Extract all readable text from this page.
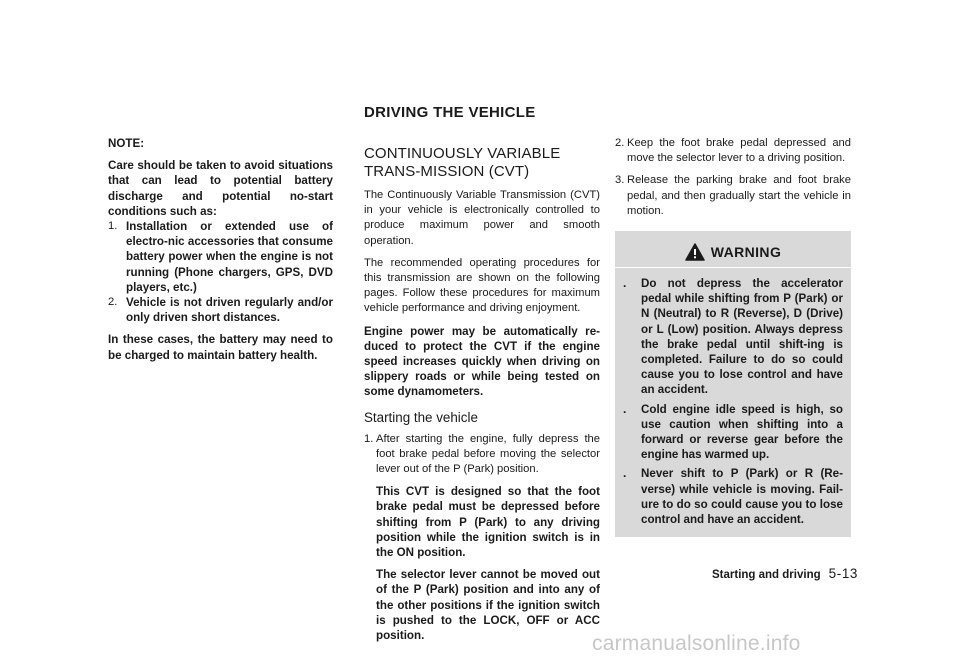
DRIVING THE VEHICLE

NOTE:

Care should be taken to avoid situations that can lead to potential battery discharge and potential no-start conditions such as:

1. Installation or extended use of electro-nic accessories that consume battery power when the engine is not running (Phone chargers, GPS, DVD players, etc.)
2. Vehicle is not driven regularly and/or only driven short distances.

In these cases, the battery may need to be charged to maintain battery health.

CONTINUOUSLY VARIABLE TRANS-MISSION (CVT)

The Continuously Variable Transmission (CVT) in your vehicle is electronically controlled to produce maximum power and smooth operation.

The recommended operating procedures for this transmission are shown on the following pages. Follow these procedures for maximum vehicle performance and driving enjoyment.

Engine power may be automatically re-duced to protect the CVT if the engine speed increases quickly when driving on slippery roads or while being tested on some dynamometers.

Starting the vehicle
1. After starting the engine, fully depress the foot brake pedal before moving the selector lever out of the P (Park) position.

This CVT is designed so that the foot brake pedal must be depressed before shifting from P (Park) to any driving position while the ignition switch is in the ON position.

The selector lever cannot be moved out of the P (Park) position and into any of the other positions if the ignition switch is pushed to the LOCK, OFF or ACC position.

2. Keep the foot brake pedal depressed and move the selector lever to a driving position.
3. Release the parking brake and foot brake pedal, and then gradually start the vehicle in motion.
WARNING
.	Do not depress the accelerator pedal while shifting from P (Park) or N (Neutral) to R (Reverse), D (Drive) or L (Low) position. Always depress the brake pedal until shift-ing is completed. Failure to do so could cause you to lose control and have an accident.
.	Cold engine idle speed is high, so use caution when shifting into a forward or reverse gear before the engine has warmed up.
.	Never shift to P (Park) or R (Re-verse) while vehicle is moving. Fail-ure to do so could cause you to lose control and have an accident.
Starting and driving 5-13
carmanualsonline.info
